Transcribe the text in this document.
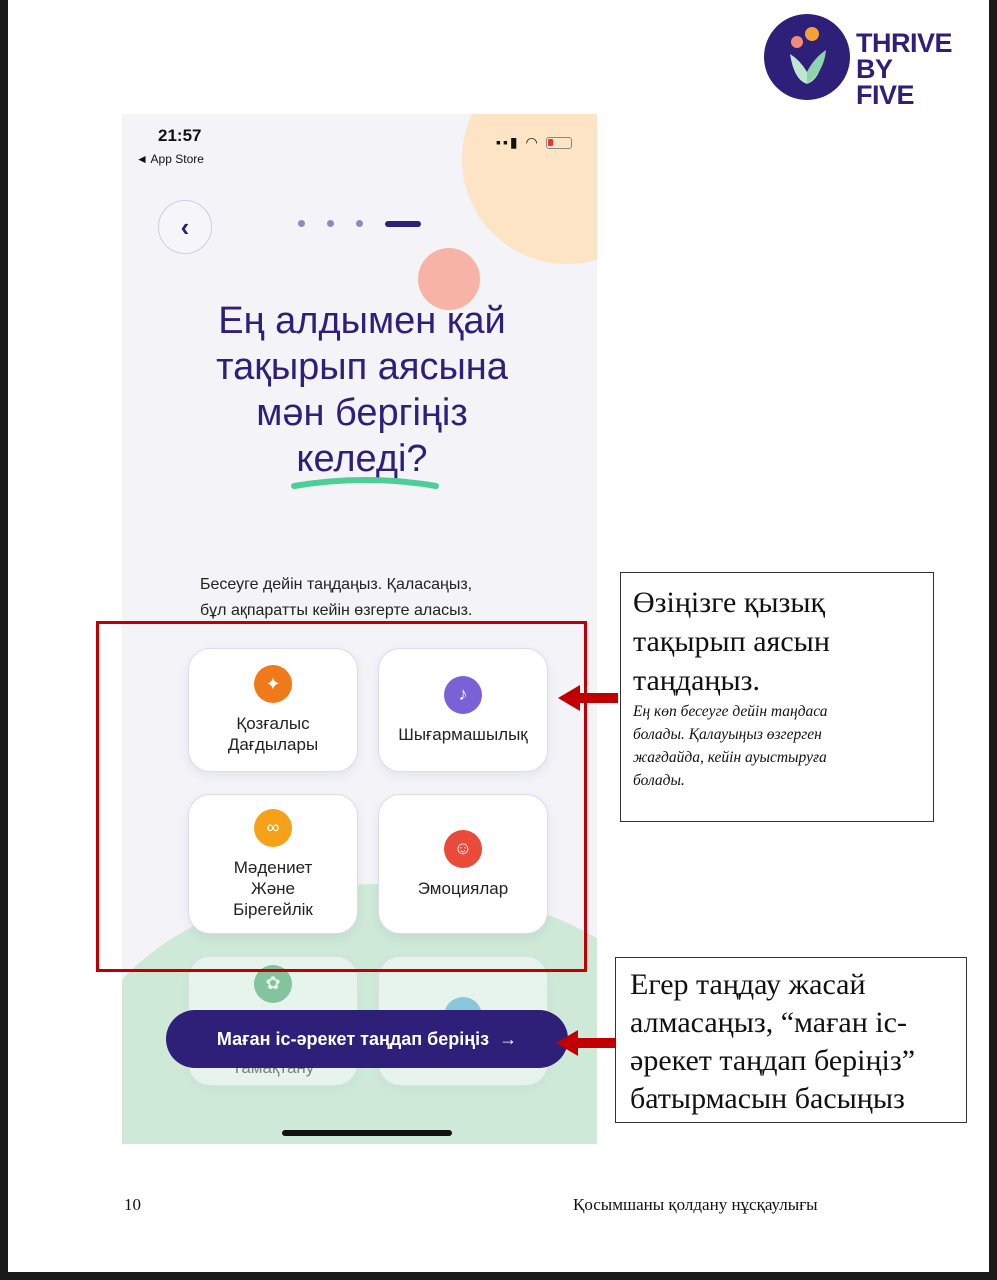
THRIVE
BY FIVE
21:57
◄ App Store
▪▪▮ ◠
‹
Ең алдымен қай
тақырып аясына
мән бергіңіз
келеді?
Бесеуге дейін таңдаңыз. Қаласаңыз,
бұл ақпаратты кейін өзгерте аласыз.
✦
Қозғалыс
Дағдылары
♪
Шығармашылық
∞
Мәдениет
Және
Бірегейлік
☺
Эмоциялар
✿
Маған іс-әрекет таңдап беріңіз →
Өзіңізге қызық
тақырып аясын
таңдаңыз.
Ең көп бесеуге дейін таңдаса
болады. Қалауыңыз өзгерген
жағдайда, кейін ауыстыруға
болады.
Егер таңдау жасай
алмасаңыз, “маған іс-
әрекет таңдап беріңіз”
батырмасын басыңыз
10	Қосымшаны қолдану нұсқаулығы
